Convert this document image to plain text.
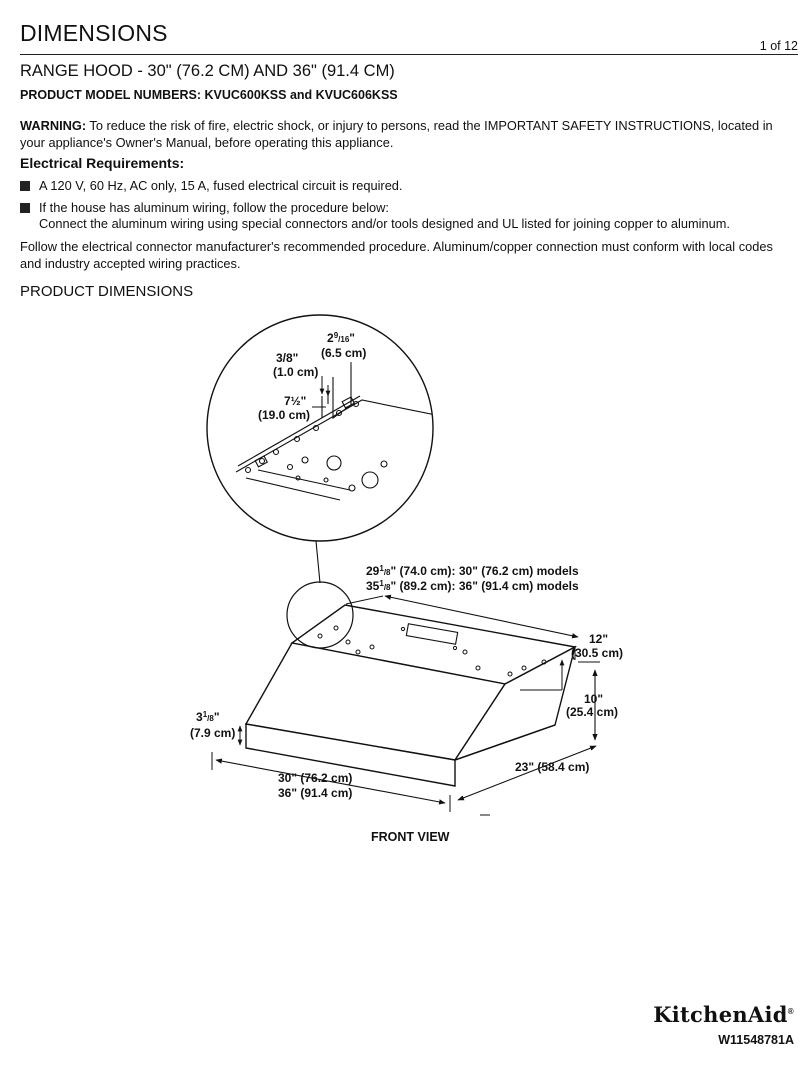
DIMENSIONS	1 of 12
RANGE HOOD - 30" (76.2 CM) AND 36" (91.4 CM)
PRODUCT MODEL NUMBERS: KVUC600KSS and KVUC606KSS
WARNING: To reduce the risk of fire, electric shock, or injury to persons, read the IMPORTANT SAFETY INSTRUCTIONS, located in your appliance's Owner's Manual, before operating this appliance.
Electrical Requirements:
A 120 V, 60 Hz, AC only, 15 A, fused electrical circuit is required.
If the house has aluminum wiring, follow the procedure below:
Connect the aluminum wiring using special connectors and/or tools designed and UL listed for joining copper to aluminum.
Follow the electrical connector manufacturer's recommended procedure. Aluminum/copper connection must conform with local codes and industry accepted wiring practices.
PRODUCT DIMENSIONS
$2^9_/16$"
(6.5 cm)
3/8"
(1.0 cm)
7½"
(19.0 cm)
$29^1_/8$" (74.0 cm): 30" (76.2 cm) models
$35^1_/8$" (89.2 cm): 36" (91.4 cm) models
12"
(30.5 cm)
10"
(25.4 cm)
$3^1_/8$"
(7.9 cm)
30" (76.2 cm)
36" (91.4 cm)
23" (58.4 cm)
FRONT VIEW
KitchenAid®
W11548781A
